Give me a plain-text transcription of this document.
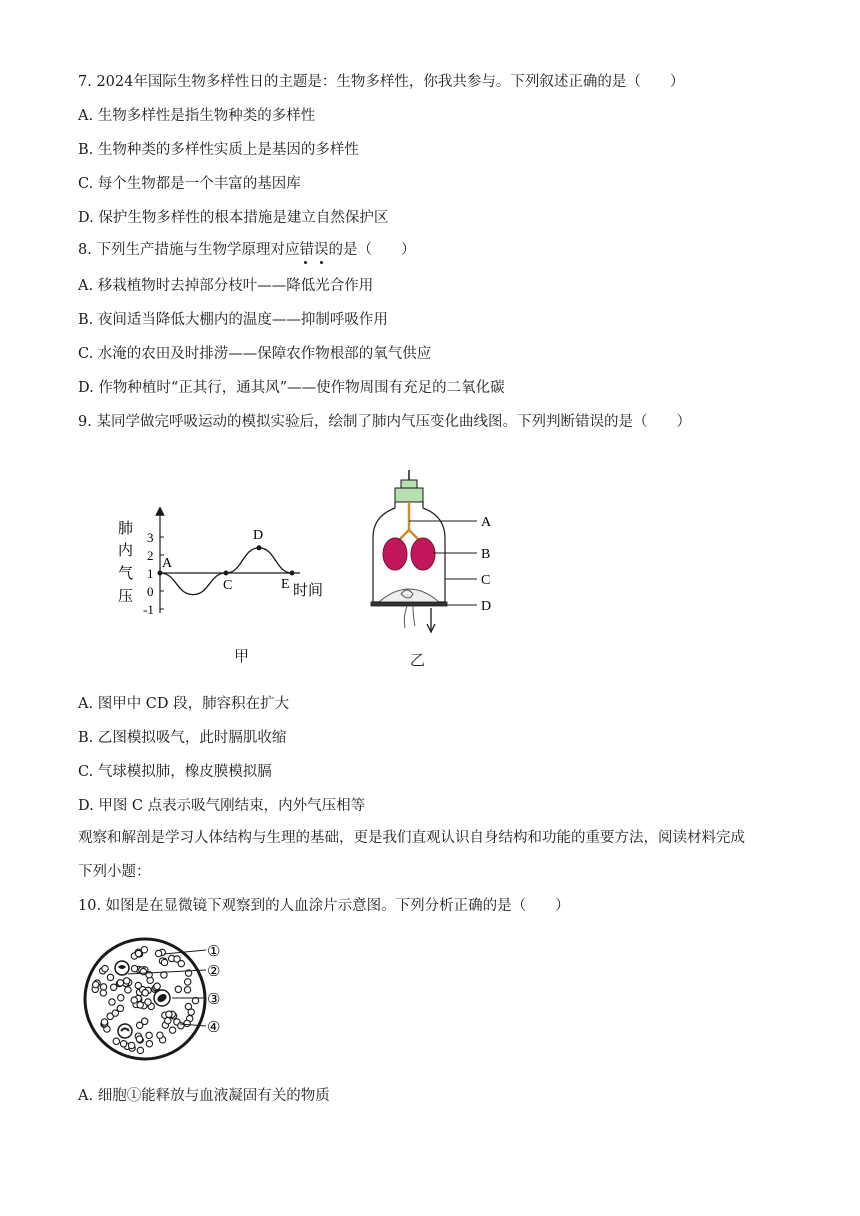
7. 2024年国际生物多样性日的主题是：生物多样性，你我共参与。下列叙述正确的是（　　）
A. 生物多样性是指生物种类的多样性
B. 生物种类的多样性实质上是基因的多样性
C. 每个生物都是一个丰富的基因库
D. 保护生物多样性的根本措施是建立自然保护区
8. 下列生产措施与生物学原理对应错误
的是（　　）
A. 移栽植物时去掉部分枝叶——降低光合作用
B. 夜间适当降低大棚内的温度——抑制呼吸作用
C. 水淹的农田及时排涝——保障农作物根部的氧气供应
D. 作物种植时“正其行，通其风”——使作物周围有充足的二氧化碳
9. 某同学做完呼吸运动的模拟实验后，绘制了肺内气压变化曲线图。下列判断错误的是（　　）
肺
内
气
压
3
2
1
0
-1
A
C
D
E 时间
甲
A
B
C
D
乙
A. 图甲中 CD 段，肺容积在扩大
B. 乙图模拟吸气，此时膈肌收缩
C. 气球模拟肺，橡皮膜模拟膈
D. 甲图 C 点表示吸气刚结束，内外气压相等
观察和解剖是学习人体结构与生理的基础，更是我们直观认识自身结构和功能的重要方法，阅读材料完成
下列小题：
10. 如图是在显微镜下观察到的人血涂片示意图。下列分析正确的是（　　）
①
②
③
④
A. 细胞①能释放与血液凝固有关的物质
